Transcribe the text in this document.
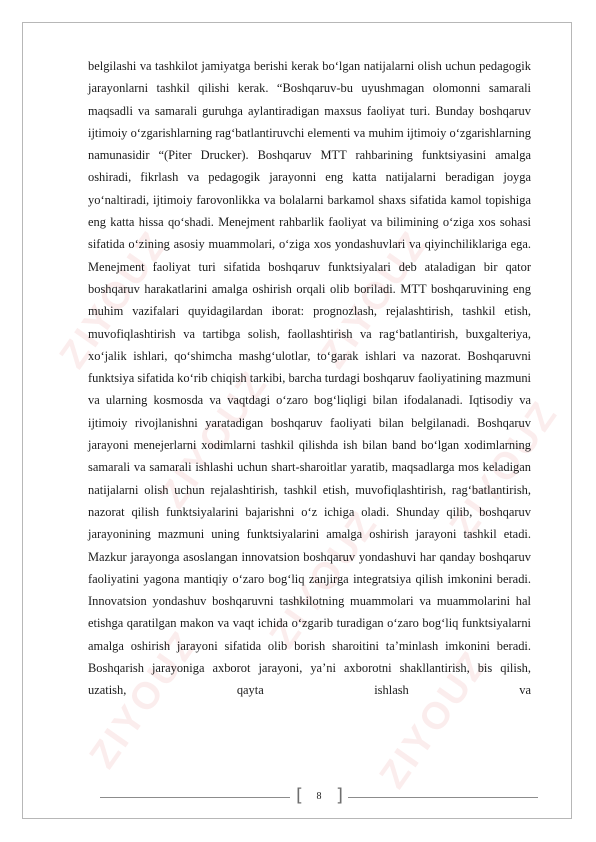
ZIYOUZ
ZIYOUZ
ZIYOUZ
ZIYOUZ
ZIYOUZ
ZIYOUZ
ZIYOUZ

belgilashi va tashkilot jamiyatga berishi kerak bo‘lgan natijalarni olish uchun pedagogik jarayonlarni tashkil qilishi kerak. “Boshqaruv-bu uyushmagan olomonni samarali maqsadli va samarali guruhga aylantiradigan maxsus faoliyat turi. Bunday boshqaruv ijtimoiy o‘zgarishlarning rag‘batlantiruvchi elementi va muhim ijtimoiy o‘zgarishlarning namunasidir “(Piter Drucker). Boshqaruv MTT rahbarining funktsiyasini amalga oshiradi, fikrlash va pedagogik jarayonni eng katta natijalarni beradigan joyga yo‘naltiradi, ijtimoiy farovonlikka va bolalarni barkamol shaxs sifatida kamol topishiga eng katta hissa qo‘shadi. Menejment rahbarlik faoliyat va bilimining o‘ziga xos sohasi sifatida o‘zining asosiy muammolari, o‘ziga xos yondashuvlari va qiyinchiliklariga ega. Menejment faoliyat turi sifatida boshqaruv funktsiyalari deb ataladigan bir qator boshqaruv harakatlarini amalga oshirish orqali olib boriladi. MTT boshqaruvining eng muhim vazifalari quyidagilardan iborat: prognozlash, rejalashtirish, tashkil etish, muvofiqlashtirish va tartibga solish, faollashtirish va rag‘batlantirish, buxgalteriya, xo‘jalik ishlari, qo‘shimcha mashg‘ulotlar, to‘garak ishlari va nazorat. Boshqaruvni funktsiya sifatida ko‘rib chiqish tarkibi, barcha turdagi boshqaruv faoliyatining mazmuni va ularning kosmosda va vaqtdagi o‘zaro bog‘liqligi bilan ifodalanadi. Iqtisodiy va ijtimoiy rivojlanishni yaratadigan boshqaruv faoliyati bilan belgilanadi. Boshqaruv jarayoni menejerlarni xodimlarni tashkil qilishda ish bilan band bo‘lgan xodimlarning samarali va samarali ishlashi uchun shart-sharoitlar yaratib, maqsadlarga mos keladigan natijalarni olish uchun rejalashtirish, tashkil etish, muvofiqlashtirish, rag‘batlantirish, nazorat qilish funktsiyalarini bajarishni o‘z ichiga oladi. Shunday qilib, boshqaruv jarayonining mazmuni uning funktsiyalarini amalga oshirish jarayoni tashkil etadi. Mazkur jarayonga asoslangan innovatsion boshqaruv yondashuvi har qanday boshqaruv faoliyatini yagona mantiqiy o‘zaro bog‘liq zanjirga integratsiya qilish imkonini beradi. Innovatsion yondashuv boshqaruvni tashkilotning muammolari va muammolarini hal etishga qaratilgan makon va vaqt ichida o‘zgarib turadigan o‘zaro bog‘liq funktsiyalarni amalga oshirish jarayoni sifatida olib borish sharoitini ta’minlash imkonini beradi. Boshqarish jarayoniga axborot jarayoni, ya’ni axborotni shakllantirish, bis qilish, uzatish, qayta ishlash va

[	8 ]
